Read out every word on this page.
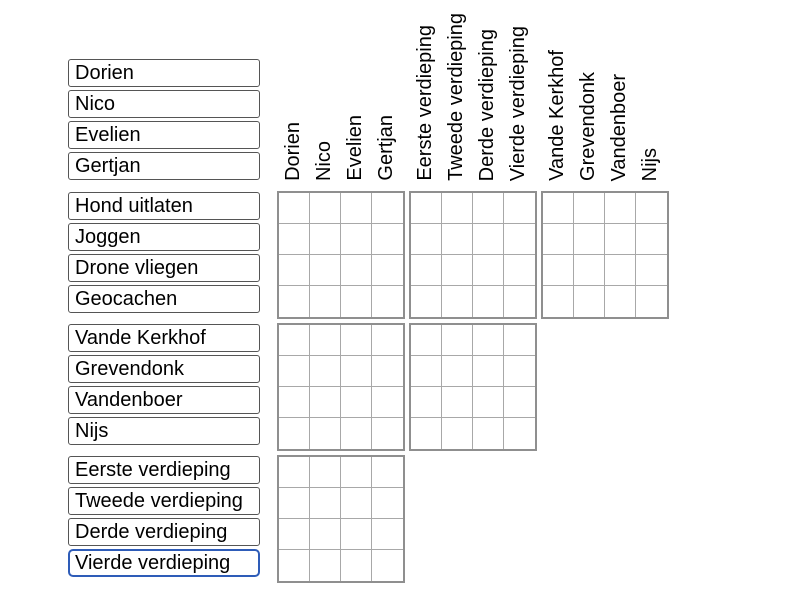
Dorien Nico Evelien Gertjan Eerste verdieping Tweede verdieping Derde verdieping Vierde verdieping Vande Kerkhof Grevendonk Vandenboer Nijs
Dorien
Nico
Evelien
Gertjan
Hond uitlaten
Joggen
Drone vliegen
Geocachen
Vande Kerkhof
Grevendonk
Vandenboer
Nijs
Eerste verdieping
Tweede verdieping
Derde verdieping
Vierde verdieping
